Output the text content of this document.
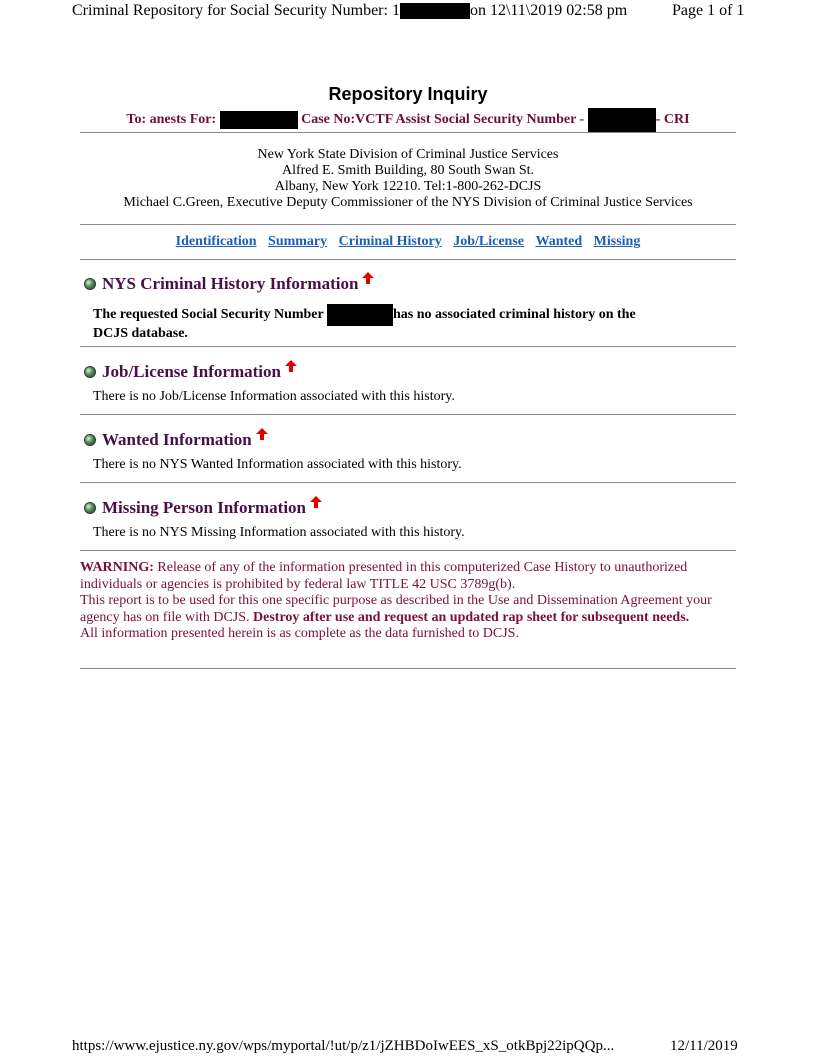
Criminal Repository for Social Security Number: 1	on 12\11\2019 02:58 pm	Page 1 of 1
Repository Inquiry
To: anests For:	Case No:VCTF Assist Social Security Number -	- CRI
New York State Division of Criminal Justice Services
Alfred E. Smith Building, 80 South Swan St.
Albany, New York 12210. Tel:1-800-262-DCJS
Michael C.Green, Executive Deputy Commissioner of the NYS Division of Criminal Justice Services
Identification Summary Criminal History Job/License Wanted Missing
NYS Criminal History Information
The requested Social Security Number	has no associated criminal history on the
DCJS database.
Job/License Information
There is no Job/License Information associated with this history.
Wanted Information
There is no NYS Wanted Information associated with this history.
Missing Person Information
There is no NYS Missing Information associated with this history.
WARNING: Release of any of the information presented in this computerized Case History to unauthorized individuals or agencies is prohibited by federal law TITLE 42 USC 3789g(b).
This report is to be used for this one specific purpose as described in the Use and Dissemination Agreement your agency has on file with DCJS. Destroy after use and request an updated rap sheet for subsequent needs.
All information presented herein is as complete as the data furnished to DCJS.
https://www.ejustice.ny.gov/wps/myportal/!ut/p/z1/jZHBDoIwEES_xS_otkBpj22ipQQp...	12/11/2019
